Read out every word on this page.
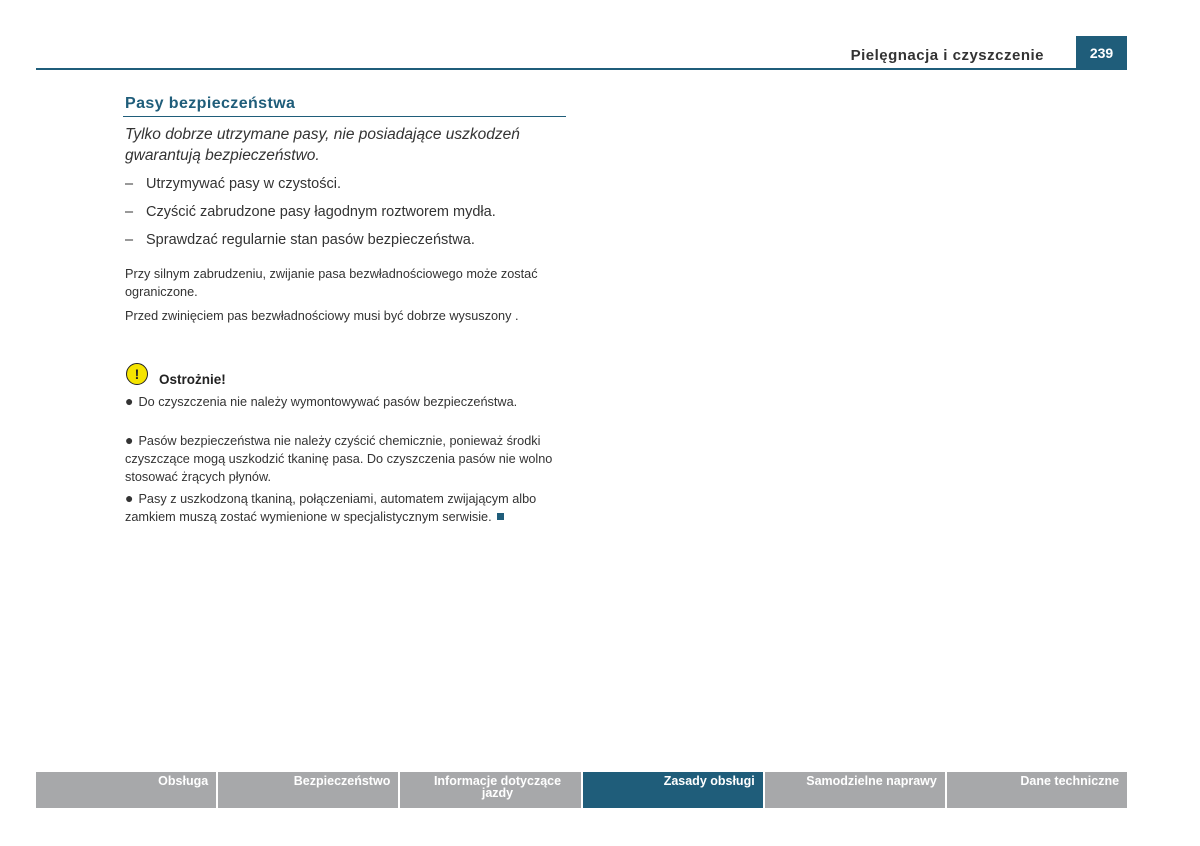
Pielęgnacja i czyszczenie	239
Pasy bezpieczeństwa
Tylko dobrze utrzymane pasy, nie posiadające uszkodzeń gwarantują bezpieczeństwo.
– Utrzymywać pasy w czystości.
– Czyścić zabrudzone pasy łagodnym roztworem mydła.
– Sprawdzać regularnie stan pasów bezpieczeństwa.
Przy silnym zabrudzeniu, zwijanie pasa bezwładnościowego może zostać ograniczone.
Przed zwinięciem pas bezwładnościowy musi być dobrze wysuszony .
!	Ostrożnie!
● Do czyszczenia nie należy wymontowywać pasów bezpieczeństwa.
● Pasów bezpieczeństwa nie należy czyścić chemicznie, ponieważ środki czyszczące mogą uszkodzić tkaninę pasa. Do czyszczenia pasów nie wolno stosować żrących płynów.
● Pasy z uszkodzoną tkaniną, połączeniami, automatem zwijającym albo zamkiem muszą zostać wymienione w specjalistycznym serwisie.
Obsługa	Bezpieczeństwo	Informacje dotyczące jazdy
Zasady obsługi	Samodzielne naprawy	Dane techniczne
